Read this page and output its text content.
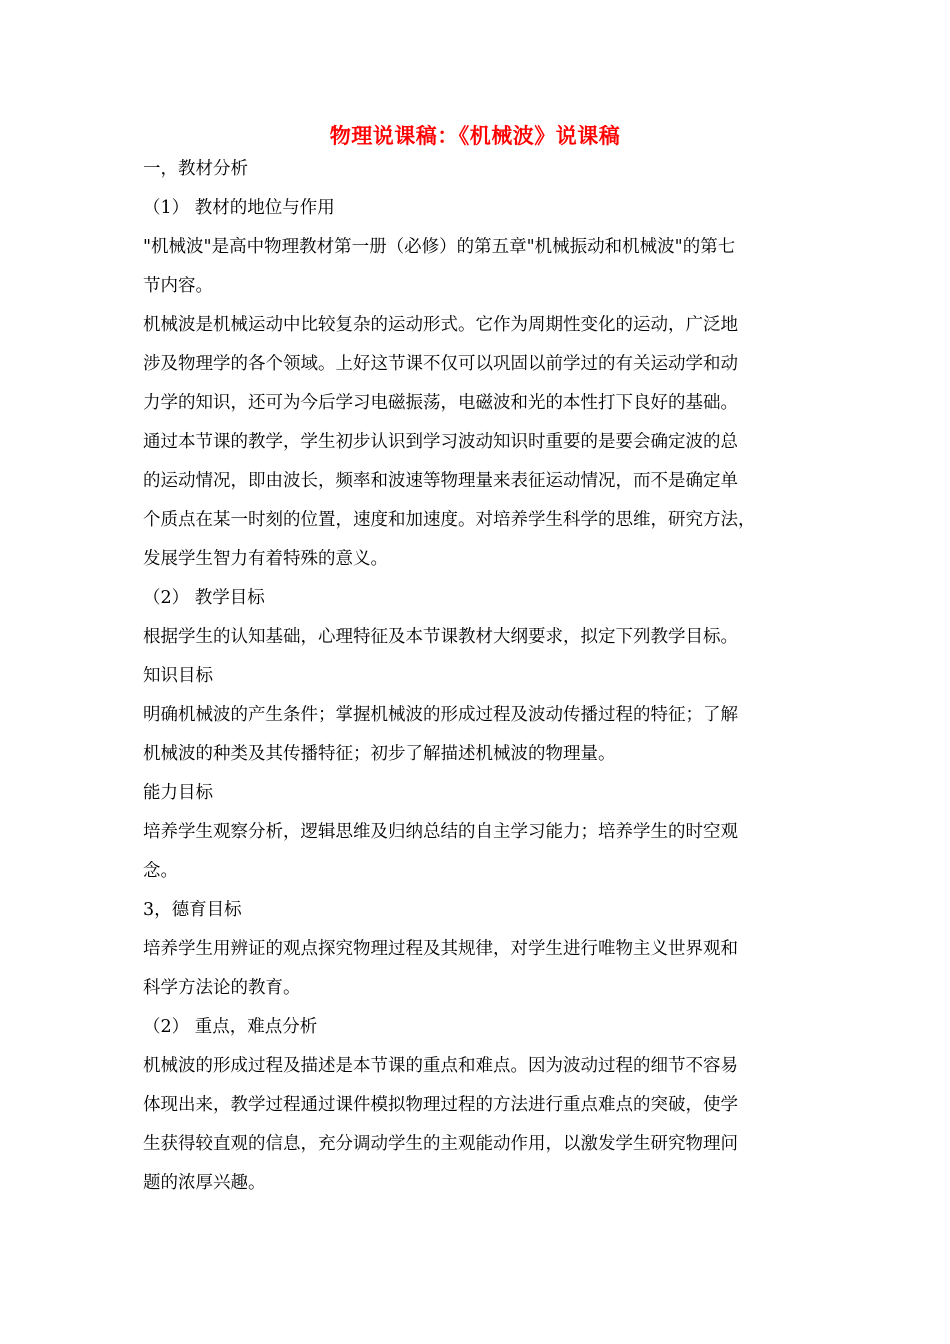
物理说课稿：《机械波》说课稿
一，教材分析
（1） 教材的地位与作用
"机械波"是高中物理教材第一册（必修）的第五章"机械振动和机械波"的第七
节内容。
机械波是机械运动中比较复杂的运动形式。它作为周期性变化的运动，广泛地
涉及物理学的各个领域。上好这节课不仅可以巩固以前学过的有关运动学和动
力学的知识，还可为今后学习电磁振荡，电磁波和光的本性打下良好的基础。
通过本节课的教学，学生初步认识到学习波动知识时重要的是要会确定波的总
的运动情况，即由波长，频率和波速等物理量来表征运动情况，而不是确定单
个质点在某一时刻的位置，速度和加速度。对培养学生科学的思维，研究方法，
发展学生智力有着特殊的意义。
（2） 教学目标
根据学生的认知基础，心理特征及本节课教材大纲要求，拟定下列教学目标。
知识目标
明确机械波的产生条件；掌握机械波的形成过程及波动传播过程的特征；了解
机械波的种类及其传播特征；初步了解描述机械波的物理量。
能力目标
培养学生观察分析，逻辑思维及归纳总结的自主学习能力；培养学生的时空观
念。
3，德育目标
培养学生用辨证的观点探究物理过程及其规律，对学生进行唯物主义世界观和
科学方法论的教育。
（2） 重点，难点分析
机械波的形成过程及描述是本节课的重点和难点。因为波动过程的细节不容易
体现出来，教学过程通过课件模拟物理过程的方法进行重点难点的突破，使学
生获得较直观的信息，充分调动学生的主观能动作用，以激发学生研究物理问
题的浓厚兴趣。
